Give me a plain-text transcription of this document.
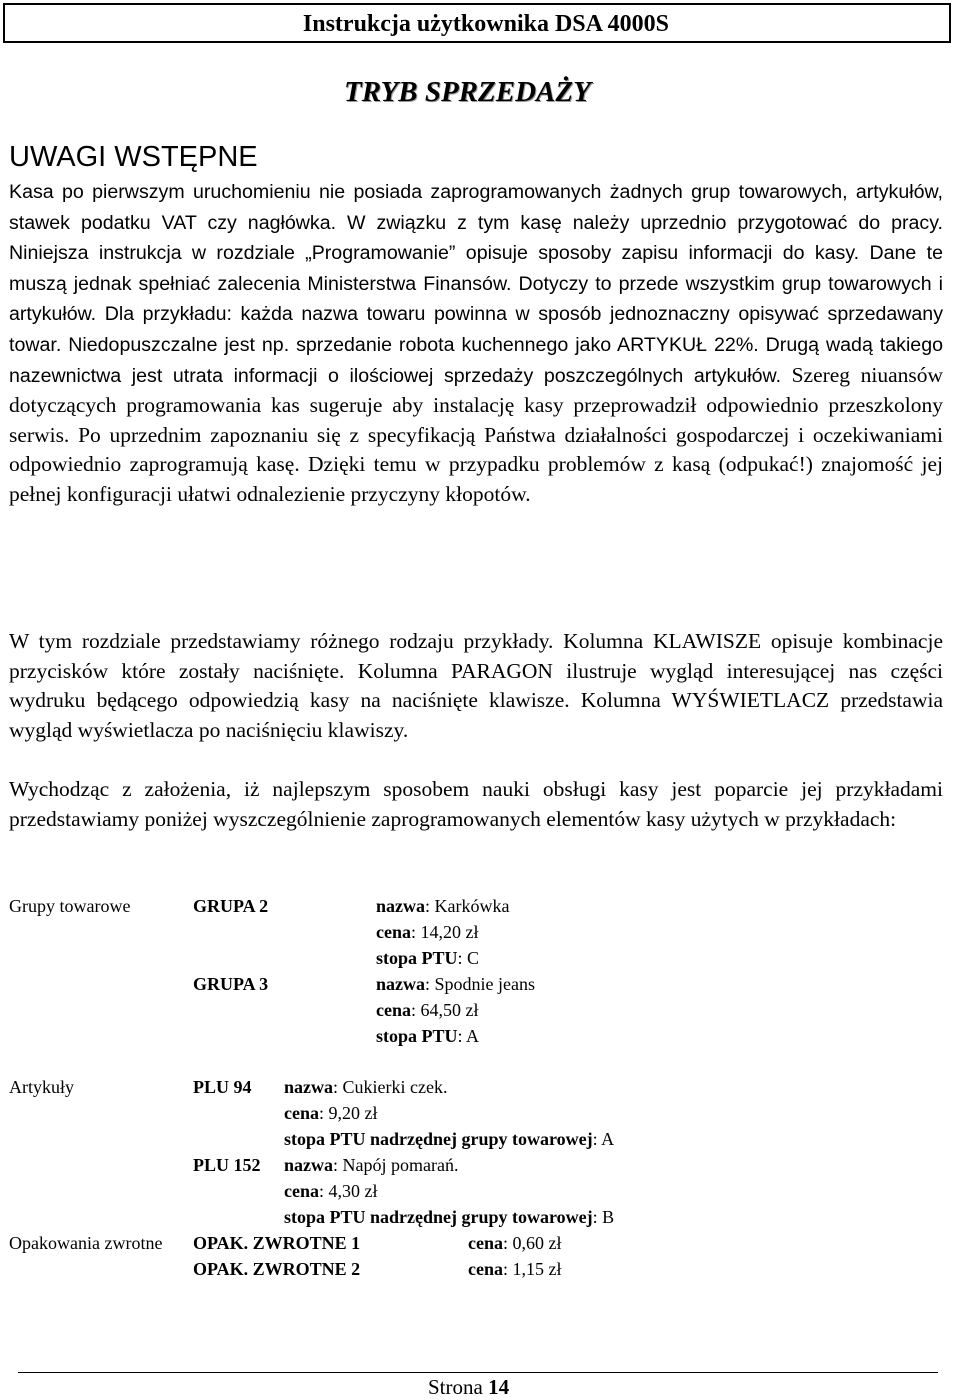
Instrukcja użytkownika DSA 4000S
TRYB SPRZEDAŻY
UWAGI WSTĘPNE

Kasa po pierwszym uruchomieniu nie posiada zaprogramowanych żadnych grup towarowych, artykułów, stawek podatku VAT czy nagłówka. W związku z tym kasę należy uprzednio przygotować do pracy. Niniejsza instrukcja w rozdziale „Programowanie” opisuje sposoby zapisu informacji do kasy. Dane te muszą jednak spełniać zalecenia Ministerstwa Finansów. Dotyczy to przede wszystkim grup towarowych i artykułów. Dla przykładu: każda nazwa towaru powinna w sposób jednoznaczny opisywać sprzedawany towar. Niedopuszczalne jest np. sprzedanie robota kuchennego jako ARTYKUŁ 22%. Drugą wadą takiego nazewnictwa jest utrata informacji o ilościowej sprzedaży poszczególnych artykułów. Szereg niuansów dotyczących programowania kas sugeruje aby instalację kasy przeprowadził odpowiednio przeszkolony serwis. Po uprzednim zapoznaniu się z specyfikacją Państwa działalności gospodarczej i oczekiwaniami odpowiednio zaprogramują kasę. Dzięki temu w przypadku problemów z kasą (odpukać!) znajomość jej pełnej konfiguracji ułatwi odnalezienie przyczyny kłopotów.

W tym rozdziale przedstawiamy różnego rodzaju przykłady. Kolumna KLAWISZE opisuje kombinacje przycisków które zostały naciśnięte. Kolumna PARAGON ilustruje wygląd interesującej nas części wydruku będącego odpowiedzią kasy na naciśnięte klawisze. Kolumna WYŚWIETLACZ przedstawia wygląd wyświetlacza po naciśnięciu klawiszy.

Wychodząc z założenia, iż najlepszym sposobem nauki obsługi kasy jest poparcie jej przykładami przedstawiamy poniżej wyszczególnienie zaprogramowanych elementów kasy użytych w przykładach:

Grupy towarowe	GRUPA 2	nazwa: Karkówka
cena: 14,20 zł
stopa PTU: C
GRUPA 3	nazwa: Spodnie jeans
cena: 64,50 zł
stopa PTU: A
Artykuły	PLU 94 nazwa: Cukierki czek.
cena: 9,20 zł
stopa PTU nadrzędnej grupy towarowej: A
PLU 152 nazwa: Napój pomarań.
cena: 4,30 zł
stopa PTU nadrzędnej grupy towarowej: B
Opakowania zwrotne OPAK. ZWROTNE 1	cena: 0,60 zł
OPAK. ZWROTNE 2	cena: 1,15 zł
Strona 14
